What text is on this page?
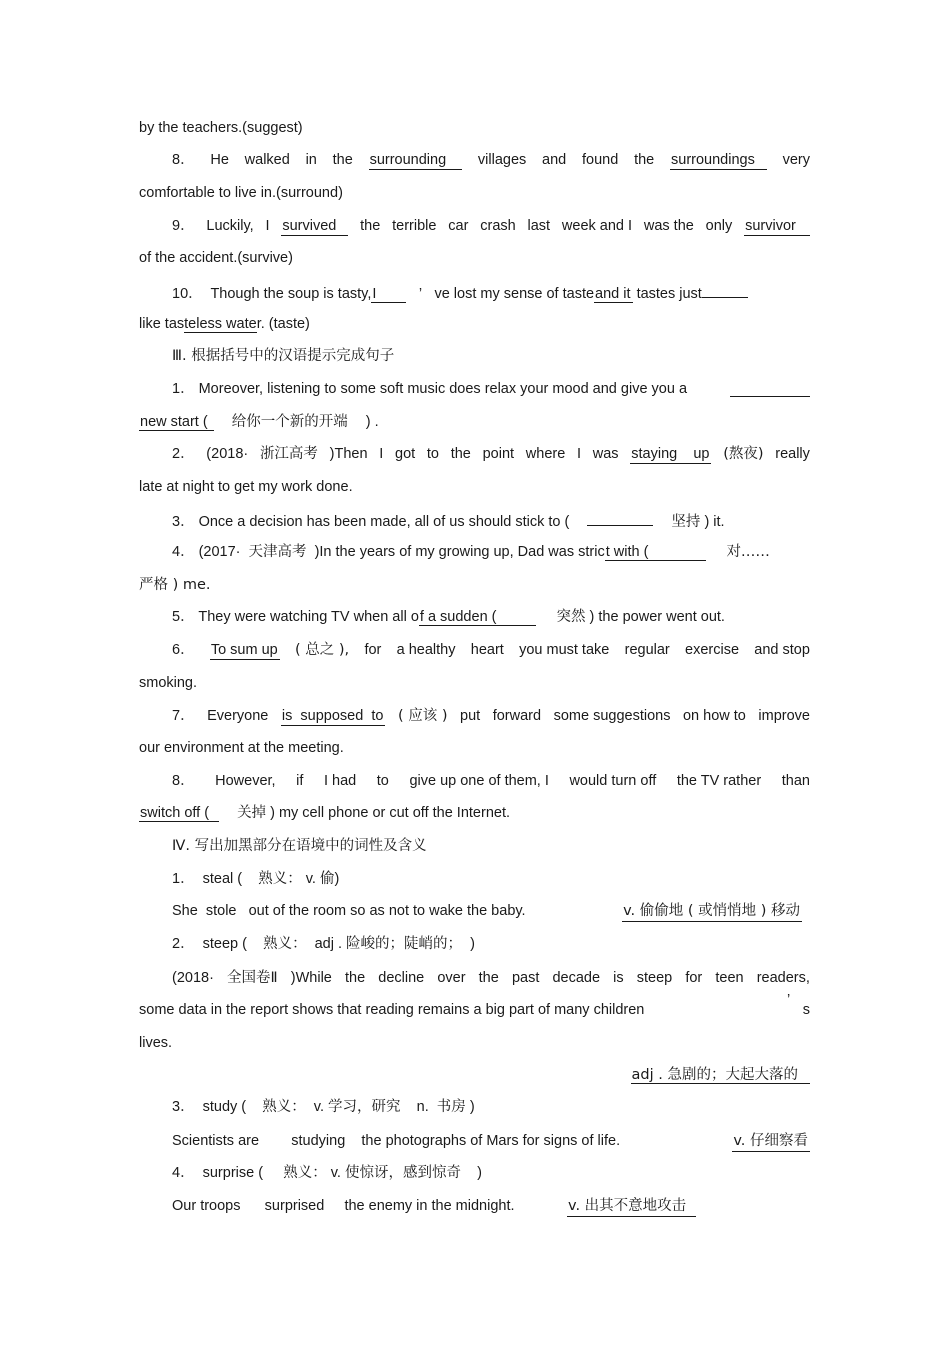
by the teachers.(suggest)
8． He walked in the surrounding	villages and found the surroundings	very
comfortable to live in.(surround)
9． Luckily, I survived	the terrible car crash last week and I was the only survivor
of the accident.(survive)
10． Though the soup is tasty,I	’ ve lost my sense of tasteand it tastes just
like tasteless water. (taste)
Ⅲ. 根据括号中的汉语提示完成句子
1． Moreover, listening to some soft music does relax your mood and give you a
new start ( 给你一个新的开端 ) .
2． (2018· 浙江高考 )Then I got to the point where I was staying up (熬夜) really
late at night to get my work done.
3． Once a decision has been made, all of us should stick to (	坚持 ) it.
4． (2017· 天津高考 )In the years of my growing up, Dad was strict with (	对……
严格 ) me.
5． They were watching TV when all of a sudden (	突然 ) the power went out.
6． To sum up ( 总之 ), for a healthy heart you must take regular exercise and stop
smoking.
7． Everyone is  supposed  to ( 应该 ) put forward some suggestions on how to improve
our environment at the meeting.
8． However, if I had to give up one of them, I would turn off the TV rather than
switch off ( 关掉 ) my cell phone or cut off the Internet.
Ⅳ. 写出加黑部分在语境中的词性及含义
1．  steal (    熟义： v. 偷)
She  stole   out of the room so as not to wake the baby.	v. 偷偷地 ( 或悄悄地 ) 移动
2．  steep (    熟义：  adj . 险峻的；陡峭的；  )
(2018· 全国卷Ⅱ )While the decline over the past decade is steep for teen readers,
some data in the report shows that reading remains a big part of many children
’
s
lives.
adj . 急剧的；大起大落的
3．  study (    熟义：  v. 学习，研究    n.  书房 )
Scientists are        studying    the photographs of Mars for signs of life.	v. 仔细察看
4．  surprise (     熟义： v. 使惊讶，感到惊奇    )
Our troops      surprised     the enemy in the midnight.	v. 出其不意地攻击
